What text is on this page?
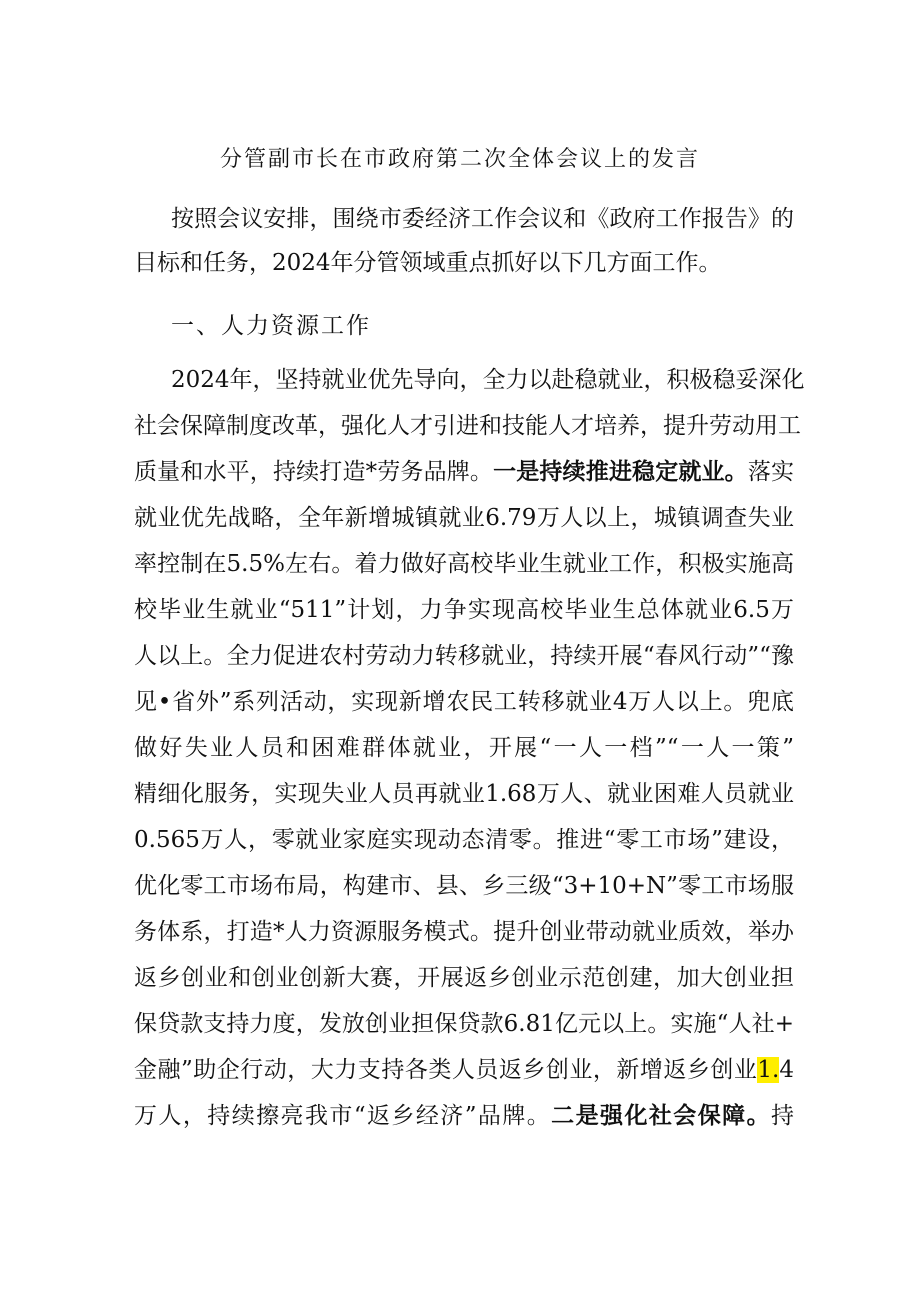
分管副市长在市政府第二次全体会议上的发言
按照会议安排，围绕市委经济工作会议和《政府工作报告》的
目标和任务，2024年分管领域重点抓好以下几方面工作。
一、人力资源工作
2024年，坚持就业优先导向，全力以赴稳就业，积极稳妥深化
社会保障制度改革，强化人才引进和技能人才培养，提升劳动用工
质量和水平，持续打造*劳务品牌。一是持续推进稳定就业。落实
就业优先战略，全年新增城镇就业6.79万人以上，城镇调查失业
率控制在5.5%左右。着力做好高校毕业生就业工作，积极实施高
校毕业生就业“511”计划，力争实现高校毕业生总体就业6.5万
人以上。全力促进农村劳动力转移就业，持续开展“春风行动”“豫
见•省外”系列活动，实现新增农民工转移就业4万人以上。兜底
做好失业人员和困难群体就业，开展“一人一档”“一人一策”
精细化服务，实现失业人员再就业1.68万人、就业困难人员就业
0.565万人，零就业家庭实现动态清零。推进“零工市场”建设，
优化零工市场布局，构建市、县、乡三级“3+10+N”零工市场服
务体系，打造*人力资源服务模式。提升创业带动就业质效，举办
返乡创业和创业创新大赛，开展返乡创业示范创建，加大创业担
保贷款支持力度，发放创业担保贷款6.81亿元以上。实施“人社+
金融”助企行动，大力支持各类人员返乡创业，新增返乡创业1.4
万人，持续擦亮我市“返乡经济”品牌。二是强化社会保障。持
